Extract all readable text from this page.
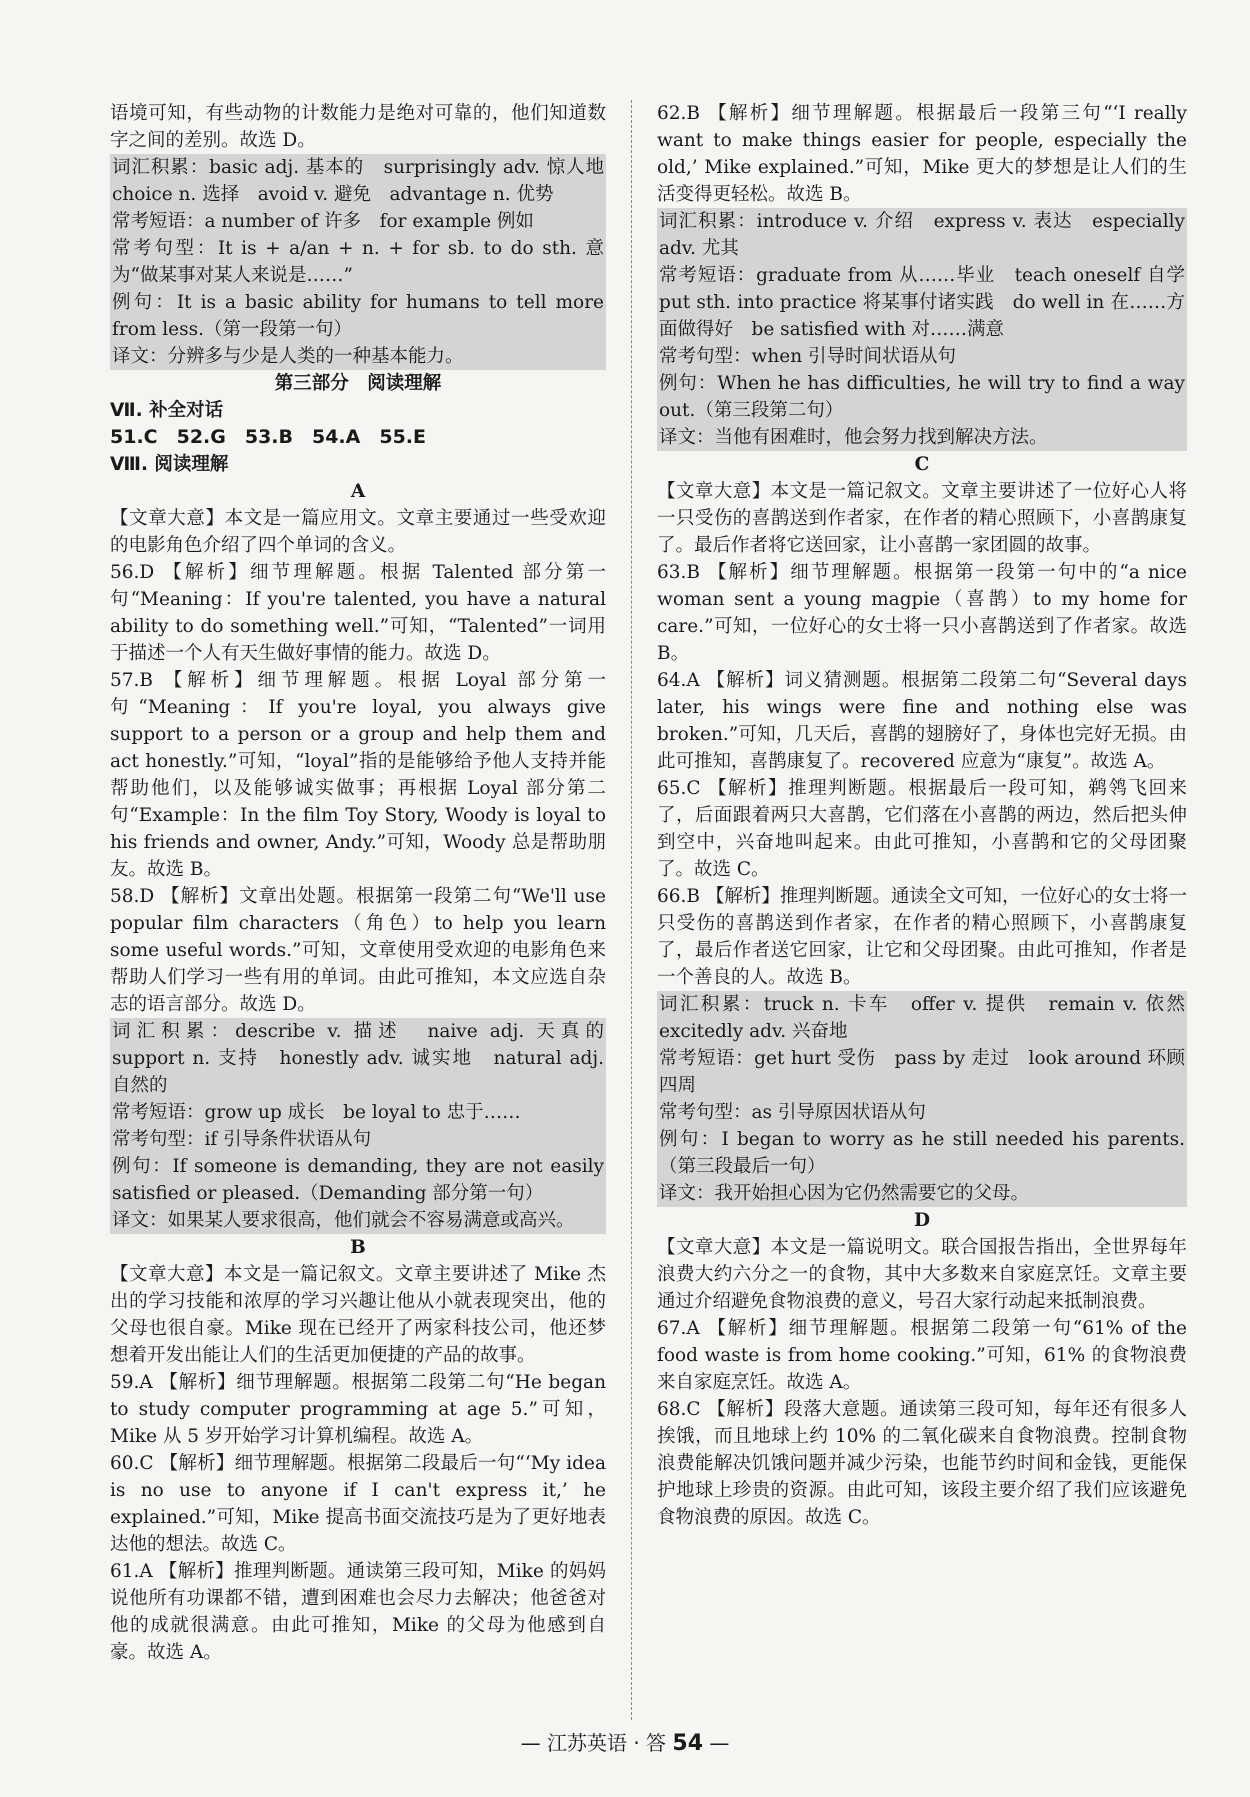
语境可知，有些动物的计数能力是绝对可靠的，他们知道数字之间的差别。故选 D。

词汇积累：basic adj. 基本的　surprisingly adv. 惊人地　choice n. 选择　avoid v. 避免　advantage n. 优势

常考短语：a number of 许多　for example 例如

常考句型：It is + a/an + n. + for sb. to do sth. 意为“做某事对某人来说是……”

例句：It is a basic ability for humans to tell more from less.（第一段第一句）

译文：分辨多与少是人类的一种基本能力。

第三部分　阅读理解

Ⅶ. 补全对话

51.C　52.G　53.B　54.A　55.E

Ⅷ. 阅读理解

A

【文章大意】本文是一篇应用文。文章主要通过一些受欢迎的电影角色介绍了四个单词的含义。

56.D 【解析】细节理解题。根据 Talented 部分第一句“Meaning：If you're talented, you have a natural ability to do something well.”可知，“Talented”一词用于描述一个人有天生做好事情的能力。故选 D。

57.B 【解析】细节理解题。根据 Loyal 部分第一句“Meaning：If you're loyal, you always give support to a person or a group and help them and act honestly.”可知，“loyal”指的是能够给予他人支持并能帮助他们，以及能够诚实做事；再根据 Loyal 部分第二句“Example：In the film Toy Story, Woody is loyal to his friends and owner, Andy.”可知，Woody 总是帮助朋友。故选 B。

58.D 【解析】文章出处题。根据第一段第二句“We'll use popular film characters（角色）to help you learn some useful words.”可知，文章使用受欢迎的电影角色来帮助人们学习一些有用的单词。由此可推知，本文应选自杂志的语言部分。故选 D。

词汇积累：describe v. 描述　naive adj. 天真的　support n. 支持　honestly adv. 诚实地　natural adj. 自然的

常考短语：grow up 成长　be loyal to 忠于……

常考句型：if 引导条件状语从句

例句：If someone is demanding, they are not easily satisfied or pleased.（Demanding 部分第一句）

译文：如果某人要求很高，他们就会不容易满意或高兴。

B

【文章大意】本文是一篇记叙文。文章主要讲述了 Mike 杰出的学习技能和浓厚的学习兴趣让他从小就表现突出，他的父母也很自豪。Mike 现在已经开了两家科技公司，他还梦想着开发出能让人们的生活更加便捷的产品的故事。

59.A 【解析】细节理解题。根据第二段第二句“He began to study computer programming at age 5.”可知，Mike 从 5 岁开始学习计算机编程。故选 A。

60.C 【解析】细节理解题。根据第二段最后一句“‘My idea is no use to anyone if I can't express it,’ he explained.”可知，Mike 提高书面交流技巧是为了更好地表达他的想法。故选 C。

61.A 【解析】推理判断题。通读第三段可知，Mike 的妈妈说他所有功课都不错，遭到困难也会尽力去解决；他爸爸对他的成就很满意。由此可推知，Mike 的父母为他感到自豪。故选 A。

62.B 【解析】细节理解题。根据最后一段第三句“‘I really want to make things easier for people, especially the old,’ Mike explained.”可知，Mike 更大的梦想是让人们的生活变得更轻松。故选 B。

词汇积累：introduce v. 介绍　express v. 表达　especially adv. 尤其

常考短语：graduate from 从……毕业　teach oneself 自学　put sth. into practice 将某事付诸实践　do well in 在……方面做得好　be satisfied with 对……满意

常考句型：when 引导时间状语从句

例句：When he has difficulties, he will try to find a way out.（第三段第二句）

译文：当他有困难时，他会努力找到解决方法。

C

【文章大意】本文是一篇记叙文。文章主要讲述了一位好心人将一只受伤的喜鹊送到作者家，在作者的精心照顾下，小喜鹊康复了。最后作者将它送回家，让小喜鹊一家团圆的故事。

63.B 【解析】细节理解题。根据第一段第一句中的“a nice woman sent a young magpie（喜鹊）to my home for care.”可知，一位好心的女士将一只小喜鹊送到了作者家。故选 B。

64.A 【解析】词义猜测题。根据第二段第二句“Several days later, his wings were fine and nothing else was broken.”可知，几天后，喜鹊的翅膀好了，身体也完好无损。由此可推知，喜鹊康复了。recovered 应意为“康复”。故选 A。

65.C 【解析】推理判断题。根据最后一段可知，鹈鸰飞回来了，后面跟着两只大喜鹊，它们落在小喜鹊的两边，然后把头伸到空中，兴奋地叫起来。由此可推知，小喜鹊和它的父母团聚了。故选 C。

66.B 【解析】推理判断题。通读全文可知，一位好心的女士将一只受伤的喜鹊送到作者家，在作者的精心照顾下，小喜鹊康复了，最后作者送它回家，让它和父母团聚。由此可推知，作者是一个善良的人。故选 B。

词汇积累：truck n. 卡车　offer v. 提供　remain v. 依然　excitedly adv. 兴奋地

常考短语：get hurt 受伤　pass by 走过　look around 环顾四周

常考句型：as 引导原因状语从句

例句：I began to worry as he still needed his parents.（第三段最后一句）

译文：我开始担心因为它仍然需要它的父母。

D

【文章大意】本文是一篇说明文。联合国报告指出，全世界每年浪费大约六分之一的食物，其中大多数来自家庭烹饪。文章主要通过介绍避免食物浪费的意义，号召大家行动起来抵制浪费。

67.A 【解析】细节理解题。根据第二段第一句“61% of the food waste is from home cooking.”可知，61% 的食物浪费来自家庭烹饪。故选 A。

68.C 【解析】段落大意题。通读第三段可知，每年还有很多人挨饿，而且地球上约 10% 的二氧化碳来自食物浪费。控制食物浪费能解决饥饿问题并减少污染，也能节约时间和金钱，更能保护地球上珍贵的资源。由此可知，该段主要介绍了我们应该避免食物浪费的原因。故选 C。

— 江苏英语 · 答 54 —
